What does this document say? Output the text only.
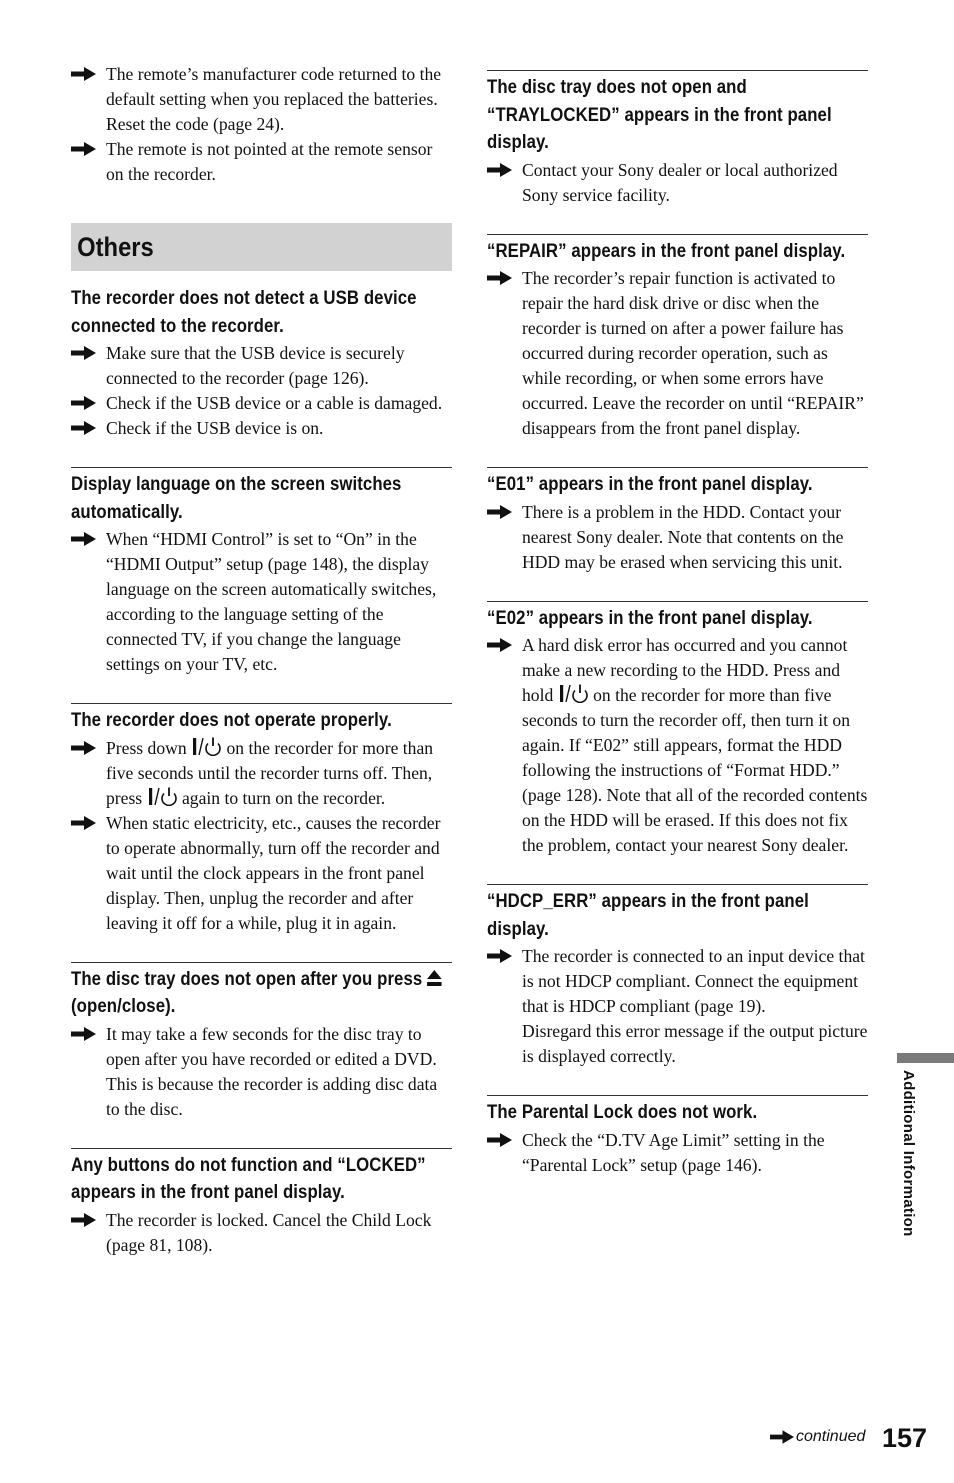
The remote’s manufacturer code returned to the default setting when you replaced the batteries. Reset the code (page 24).

The remote is not pointed at the remote sensor on the recorder.

Others
The recorder does not detect a USB device connected to the recorder.

Make sure that the USB device is securely connected to the recorder (page 126).

Check if the USB device or a cable is damaged.

Check if the USB device is on.

Display language on the screen switches automatically.

When “HDMI Control” is set to “On” in the “HDMI Output” setup (page 148), the display language on the screen automatically switches, according to the language setting of the connected TV, if you change the language settings on your TV, etc.

The recorder does not operate properly.

Press down  on the recorder for more than five seconds until the recorder turns off. Then, press  again to turn on the recorder.

When static electricity, etc., causes the recorder to operate abnormally, turn off the recorder and wait until the clock appears in the front panel display. Then, unplug the recorder and after leaving it off for a while, plug it in again.

The disc tray does not open after you press  (open/close).

It may take a few seconds for the disc tray to open after you have recorded or edited a DVD. This is because the recorder is adding disc data to the disc.

Any buttons do not function and “LOCKED” appears in the front panel display.

The recorder is locked. Cancel the Child Lock (page 81, 108).

The disc tray does not open and “TRAYLOCKED” appears in the front panel display.

Contact your Sony dealer or local authorized Sony service facility.

“REPAIR” appears in the front panel display.

The recorder’s repair function is activated to repair the hard disk drive or disc when the recorder is turned on after a power failure has occurred during recorder operation, such as while recording, or when some errors have occurred. Leave the recorder on until “REPAIR” disappears from the front panel display.

“E01” appears in the front panel display.

There is a problem in the HDD. Contact your nearest Sony dealer. Note that contents on the HDD may be erased when servicing this unit.

“E02” appears in the front panel display.

A hard disk error has occurred and you cannot make a new recording to the HDD. Press and hold  on the recorder for more than five seconds to turn the recorder off, then turn it on again. If “E02” still appears, format the HDD following the instructions of “Format HDD.” (page 128). Note that all of the recorded contents on the HDD will be erased. If this does not fix the problem, contact your nearest Sony dealer.

“HDCP_ERR” appears in the front panel display.

The recorder is connected to an input device that is not HDCP compliant. Connect the equipment that is HDCP compliant (page 19).

Disregard this error message if the output picture is displayed correctly.

The Parental Lock does not work.

Check the “D.TV Age Limit” setting in the “Parental Lock” setup (page 146).	Additional Information
continued 157
